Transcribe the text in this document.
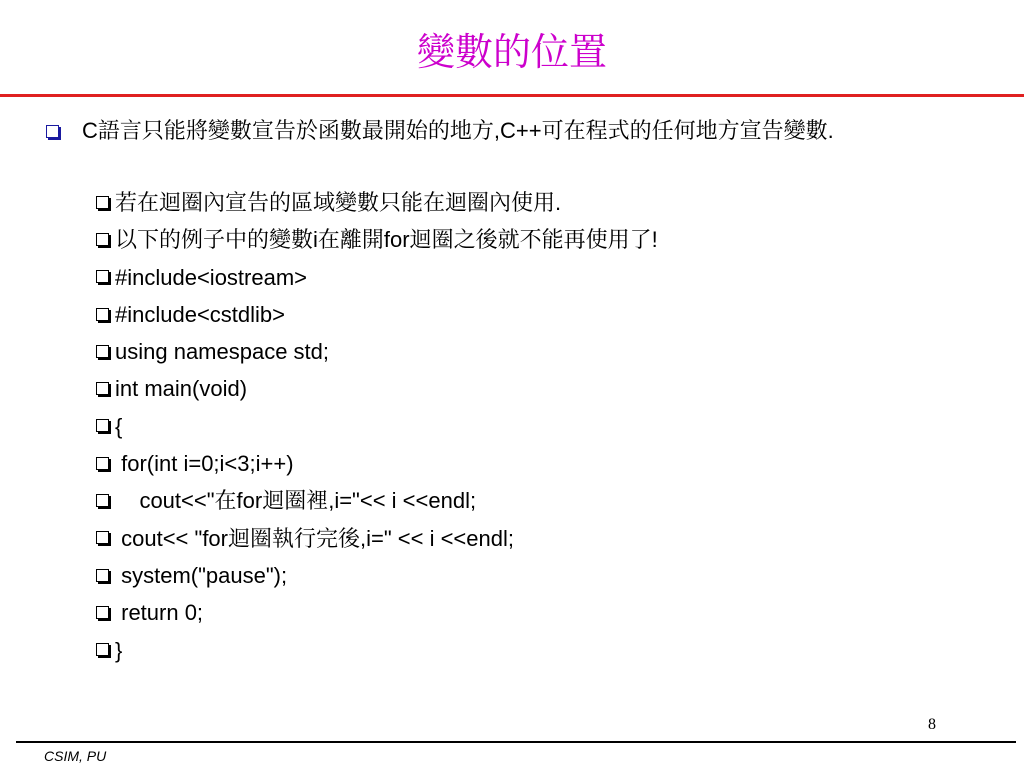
變數的位置
C語言只能將變數宣告於函數最開始的地方,C++可在程式的任何地方宣告變數.
若在迴圈內宣告的區域變數只能在迴圈內使用.
以下的例子中的變數i在離開for迴圈之後就不能再使用了!
#include<iostream>
#include<cstdlib>
using namespace std;
int main(void)
{
for(int i=0;i<3;i++)
cout<<"在for迴圈裡,i="<< i <<endl;
cout<< "for迴圈執行完後,i=" << i <<endl;
system("pause");
return 0;
}
8
CSIM, PU
